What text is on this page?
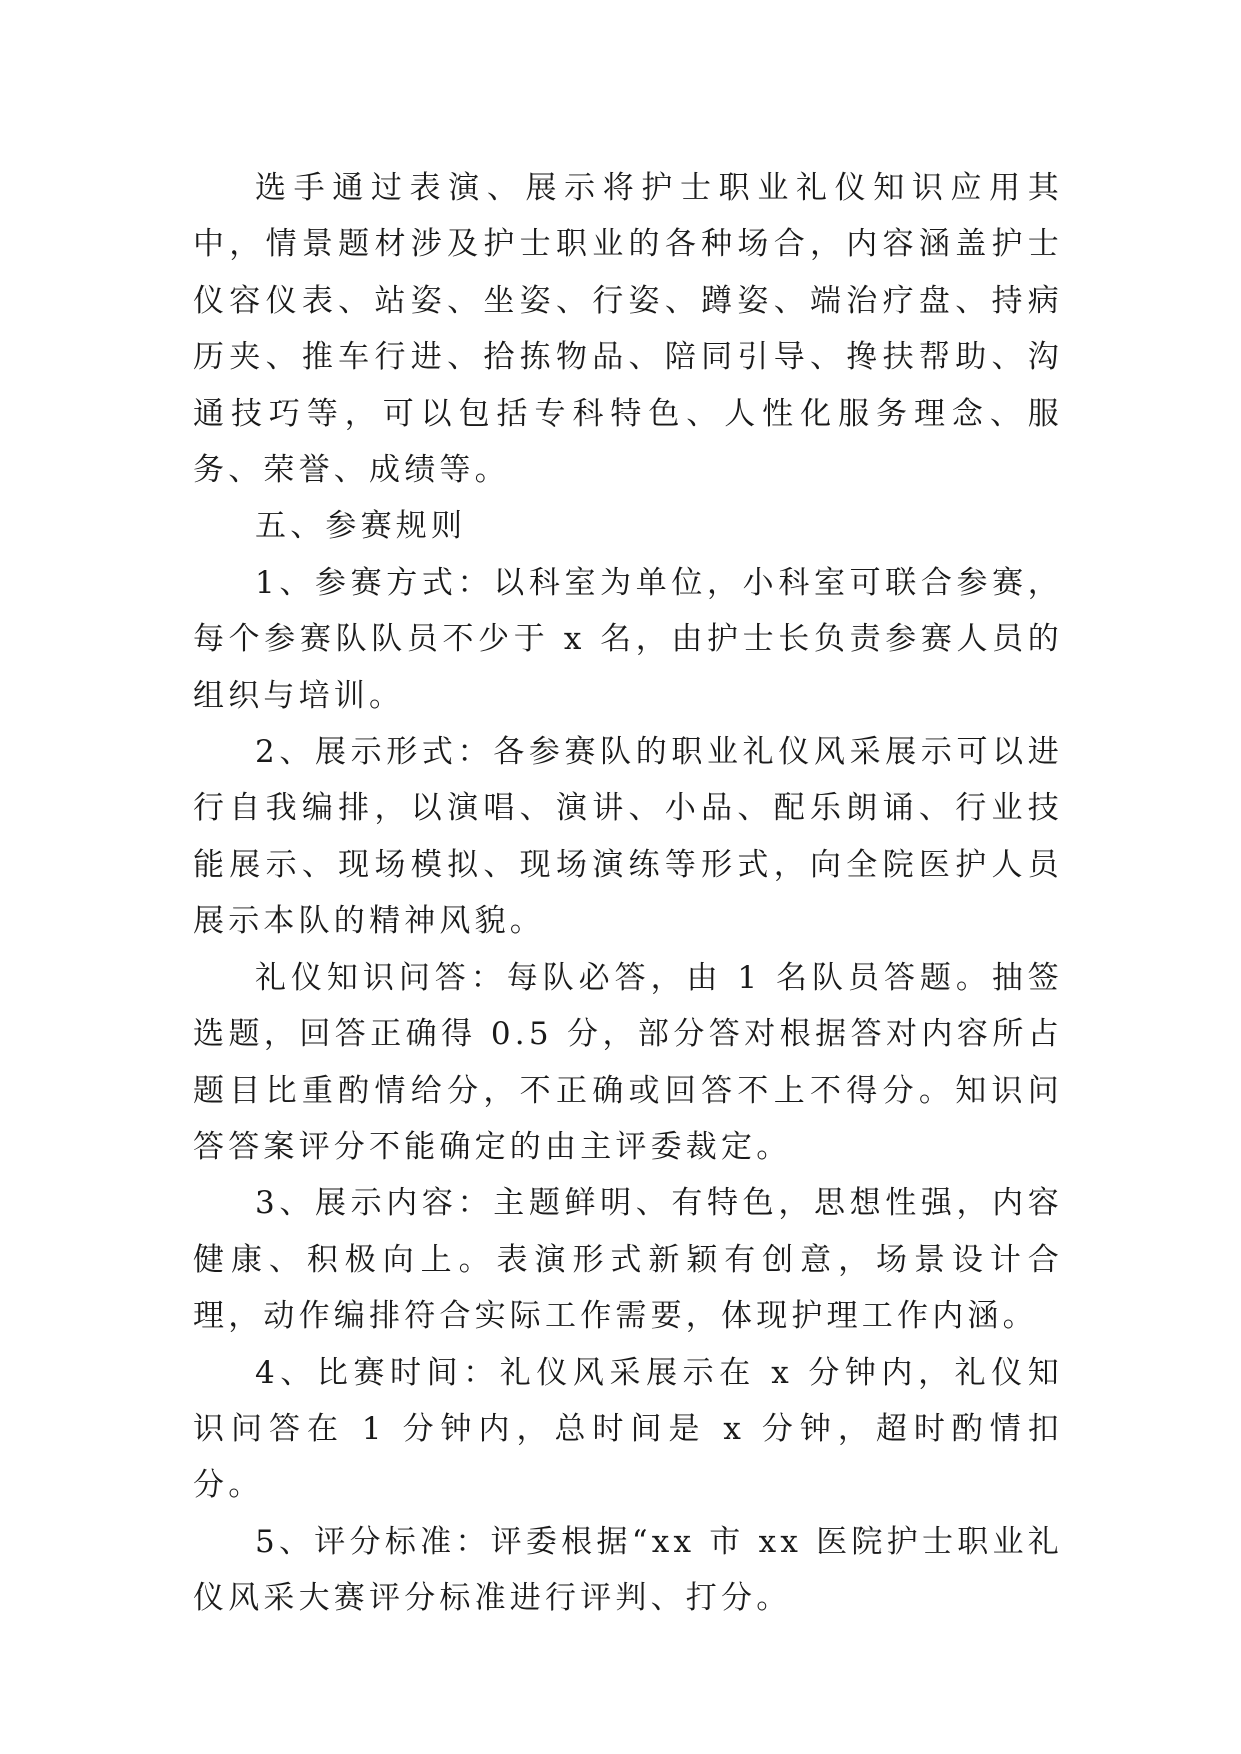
选手通过表演、展示将护士职业礼仪知识应用其中，情景题材涉及护士职业的各种场合，内容涵盖护士仪容仪表、站姿、坐姿、行姿、蹲姿、端治疗盘、持病历夹、推车行进、拾拣物品、陪同引导、搀扶帮助、沟通技巧等，可以包括专科特色、人性化服务理念、服务、荣誉、成绩等。

五、参赛规则

1、参赛方式：以科室为单位，小科室可联合参赛，每个参赛队队员不少于 x 名，由护士长负责参赛人员的组织与培训。

2、展示形式：各参赛队的职业礼仪风采展示可以进行自我编排，以演唱、演讲、小品、配乐朗诵、行业技能展示、现场模拟、现场演练等形式，向全院医护人员展示本队的精神风貌。

礼仪知识问答：每队必答，由 1 名队员答题。抽签选题，回答正确得 0.5 分，部分答对根据答对内容所占题目比重酌情给分，不正确或回答不上不得分。知识问答答案评分不能确定的由主评委裁定。

3、展示内容：主题鲜明、有特色，思想性强，内容健康、积极向上。表演形式新颖有创意，场景设计合理，动作编排符合实际工作需要，体现护理工作内涵。

4、比赛时间：礼仪风采展示在 x 分钟内，礼仪知识问答在 1 分钟内，总时间是 x 分钟，超时酌情扣分。

5、评分标准：评委根据“xx 市 xx 医院护士职业礼仪风采大赛评分标准进行评判、打分。
